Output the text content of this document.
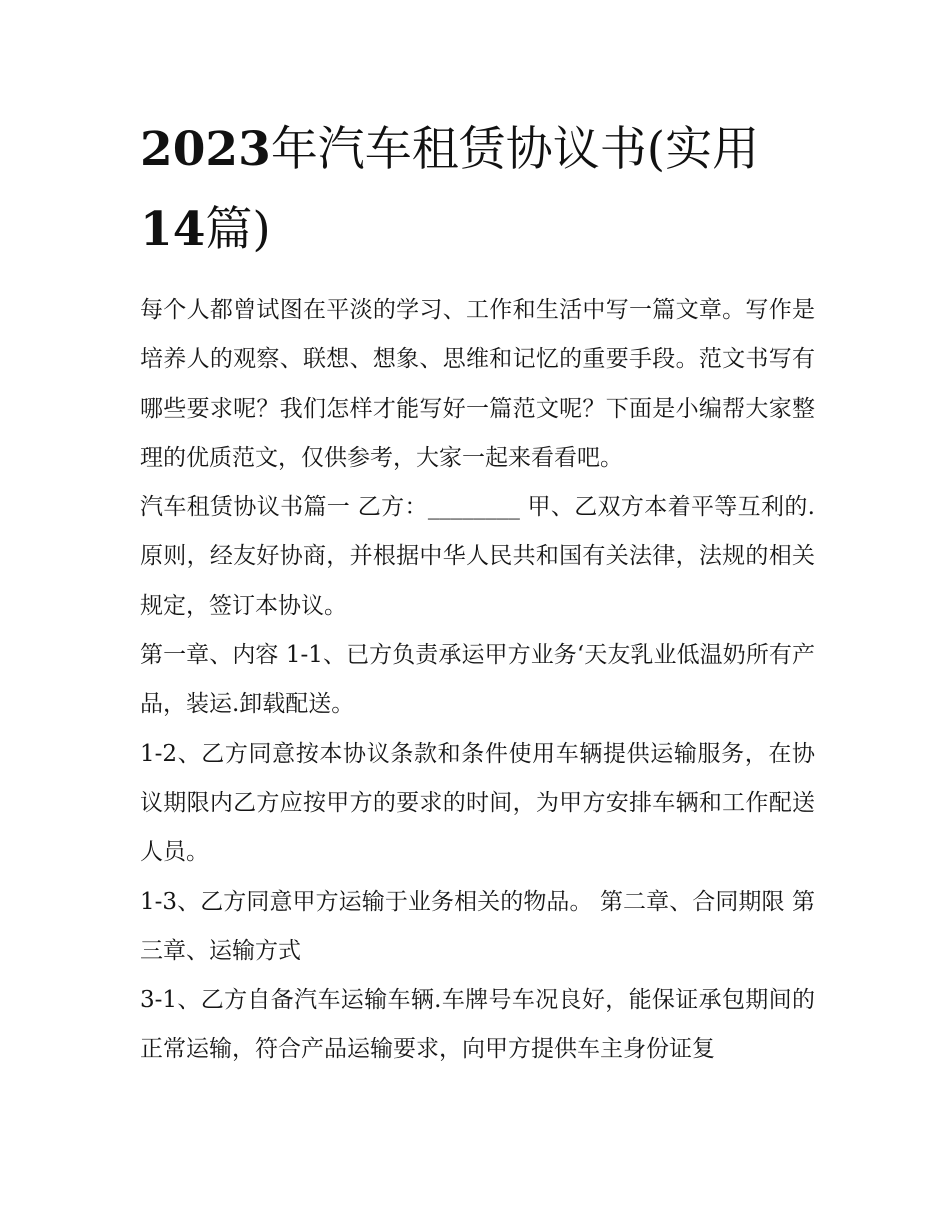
2023年汽车租赁协议书(实用
14篇)

每个人都曾试图在平淡的学习、工作和生活中写一篇文章。写作是培养人的观察、联想、想象、思维和记忆的重要手段。范文书写有哪些要求呢？我们怎样才能写好一篇范文呢？下面是小编帮大家整理的优质范文，仅供参考，大家一起来看看吧。

汽车租赁协议书篇一 乙方：________ 甲、乙双方本着平等互利的.原则，经友好协商，并根据中华人民共和国有关法律，法规的相关规定，签订本协议。

第一章、内容 1-1、已方负责承运甲方业务‘天友乳业低温奶所有产品，装运.卸载配送。

1-2、乙方同意按本协议条款和条件使用车辆提供运输服务，在协议期限内乙方应按甲方的要求的时间，为甲方安排车辆和工作配送人员。

1-3、乙方同意甲方运输于业务相关的物品。 第二章、合同期限 第三章、运输方式

3-1、乙方自备汽车运输车辆.车牌号车况良好，能保证承包期间的正常运输，符合产品运输要求，向甲方提供车主身份证复
